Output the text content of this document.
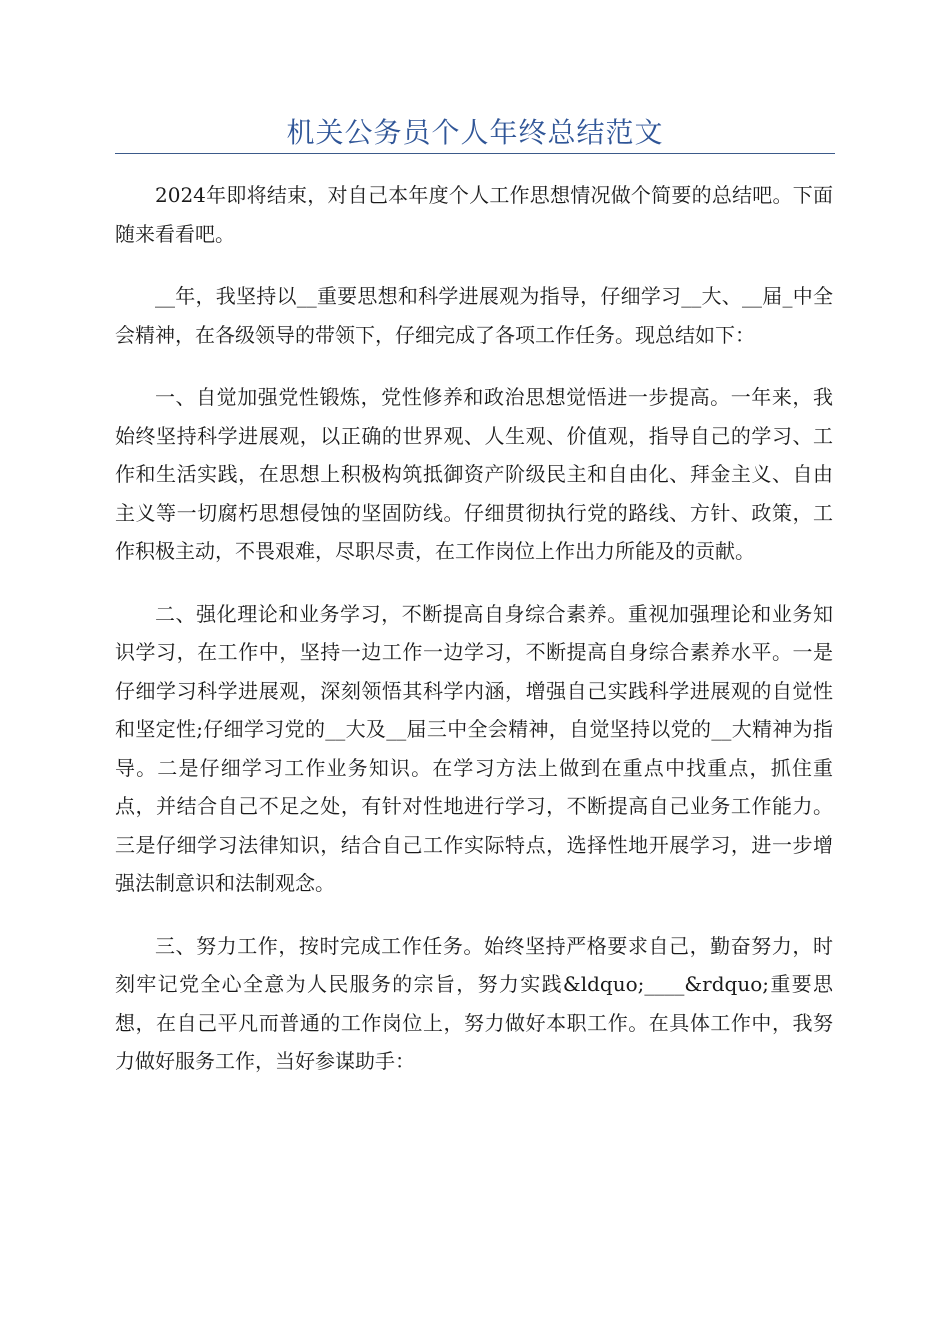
机关公务员个人年终总结范文

2024年即将结束，对自己本年度个人工作思想情况做个简要的总结吧。下面随来看看吧。

__年，我坚持以__重要思想和科学进展观为指导，仔细学习__大、__届_中全会精神，在各级领导的带领下，仔细完成了各项工作任务。现总结如下：

一、自觉加强党性锻炼，党性修养和政治思想觉悟进一步提高。一年来，我始终坚持科学进展观，以正确的世界观、人生观、价值观，指导自己的学习、工作和生活实践，在思想上积极构筑抵御资产阶级民主和自由化、拜金主义、自由主义等一切腐朽思想侵蚀的坚固防线。仔细贯彻执行党的路线、方针、政策，工作积极主动，不畏艰难，尽职尽责，在工作岗位上作出力所能及的贡献。

二、强化理论和业务学习，不断提高自身综合素养。重视加强理论和业务知识学习，在工作中，坚持一边工作一边学习，不断提高自身综合素养水平。一是仔细学习科学进展观，深刻领悟其科学内涵，增强自己实践科学进展观的自觉性和坚定性;仔细学习党的__大及__届三中全会精神，自觉坚持以党的__大精神为指导。二是仔细学习工作业务知识。在学习方法上做到在重点中找重点，抓住重点，并结合自己不足之处，有针对性地进行学习，不断提高自己业务工作能力。三是仔细学习法律知识，结合自己工作实际特点，选择性地开展学习，进一步增强法制意识和法制观念。

三、努力工作，按时完成工作任务。始终坚持严格要求自己，勤奋努力，时刻牢记党全心全意为人民服务的宗旨，努力实践&ldquo;____&rdquo;重要思想，在自己平凡而普通的工作岗位上，努力做好本职工作。在具体工作中，我努力做好服务工作，当好参谋助手：
